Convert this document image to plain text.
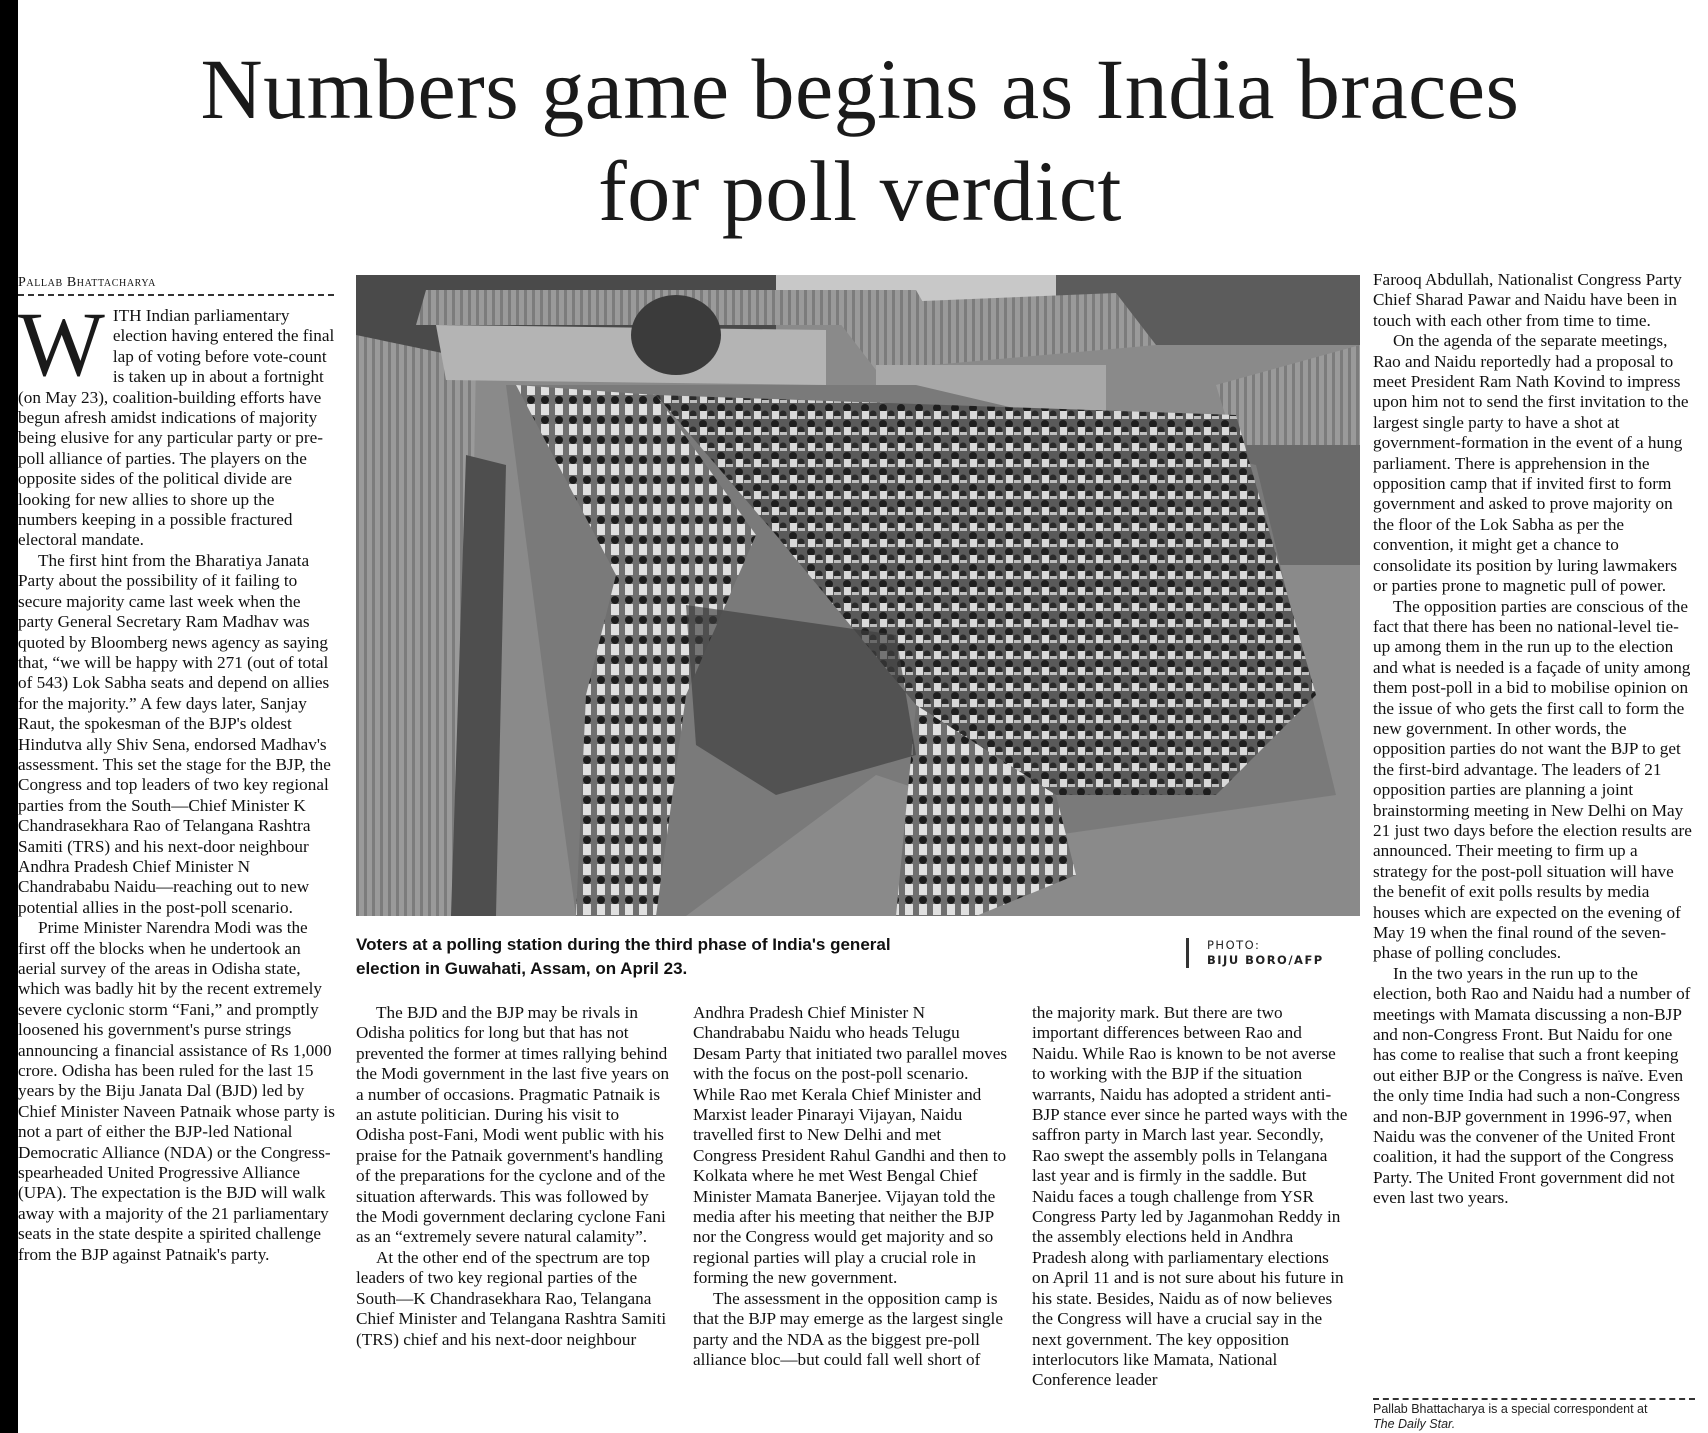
Numbers game begins as India braces for poll verdict
Pallab Bhattacharya

WITH Indian parliamentary election having entered the final lap of voting before vote-count is taken up in about a fortnight (on May 23), coalition-building efforts have begun afresh amidst indications of majority being elusive for any particular party or pre-poll alliance of parties. The players on the opposite sides of the political divide are looking for new allies to shore up the numbers keeping in a possible fractured electoral mandate.

The first hint from the Bharatiya Janata Party about the possibility of it failing to secure majority came last week when the party General Secretary Ram Madhav was quoted by Bloomberg news agency as saying that, “we will be happy with 271 (out of total of 543) Lok Sabha seats and depend on allies for the majority.” A few days later, Sanjay Raut, the spokesman of the BJP's oldest Hindutva ally Shiv Sena, endorsed Madhav's assessment. This set the stage for the BJP, the Congress and top leaders of two key regional parties from the South—Chief Minister K Chandrasekhara Rao of Telangana Rashtra Samiti (TRS) and his next-door neighbour Andhra Pradesh Chief Minister N Chandrababu Naidu—reaching out to new potential allies in the post-poll scenario.

Prime Minister Narendra Modi was the first off the blocks when he undertook an aerial survey of the areas in Odisha state, which was badly hit by the recent extremely severe cyclonic storm “Fani,” and promptly loosened his government's purse strings announcing a financial assistance of Rs 1,000 crore. Odisha has been ruled for the last 15 years by the Biju Janata Dal (BJD) led by Chief Minister Naveen Patnaik whose party is not a part of either the BJP-led National Democratic Alliance (NDA) or the Congress-spearheaded United Progressive Alliance (UPA). The expectation is the BJD will walk away with a majority of the 21 parliamentary seats in the state despite a spirited challenge from the BJP against Patnaik's party.

Voters at a polling station during the third phase of India's general election in Guwahati, Assam, on April 23.
PHOTO:
BIJU BORO/AFP

The BJD and the BJP may be rivals in Odisha politics for long but that has not prevented the former at times rallying behind the Modi government in the last five years on a number of occasions. Pragmatic Patnaik is an astute politician. During his visit to Odisha post-Fani, Modi went public with his praise for the Patnaik government's handling of the preparations for the cyclone and of the situation afterwards. This was followed by the Modi government declaring cyclone Fani as an “extremely severe natural calamity”.

At the other end of the spectrum are top leaders of two key regional parties of the South—K Chandrasekhara Rao, Telangana Chief Minister and Telangana Rashtra Samiti (TRS) chief and his next-door neighbour

Andhra Pradesh Chief Minister N Chandrababu Naidu who heads Telugu Desam Party that initiated two parallel moves with the focus on the post-poll scenario. While Rao met Kerala Chief Minister and Marxist leader Pinarayi Vijayan, Naidu travelled first to New Delhi and met Congress President Rahul Gandhi and then to Kolkata where he met West Bengal Chief Minister Mamata Banerjee. Vijayan told the media after his meeting that neither the BJP nor the Congress would get majority and so regional parties will play a crucial role in forming the new government.

The assessment in the opposition camp is that the BJP may emerge as the largest single party and the NDA as the biggest pre-poll alliance bloc—but could fall well short of

the majority mark. But there are two important differences between Rao and Naidu. While Rao is known to be not averse to working with the BJP if the situation warrants, Naidu has adopted a strident anti-BJP stance ever since he parted ways with the saffron party in March last year. Secondly, Rao swept the assembly polls in Telangana last year and is firmly in the saddle. But Naidu faces a tough challenge from YSR Congress Party led by Jaganmohan Reddy in the assembly elections held in Andhra Pradesh along with parliamentary elections on April 11 and is not sure about his future in his state. Besides, Naidu as of now believes the Congress will have a crucial say in the next government. The key opposition interlocutors like Mamata, National Conference leader

Farooq Abdullah, Nationalist Congress Party Chief Sharad Pawar and Naidu have been in touch with each other from time to time.

On the agenda of the separate meetings, Rao and Naidu reportedly had a proposal to meet President Ram Nath Kovind to impress upon him not to send the first invitation to the largest single party to have a shot at government-formation in the event of a hung parliament. There is apprehension in the opposition camp that if invited first to form government and asked to prove majority on the floor of the Lok Sabha as per the convention, it might get a chance to consolidate its position by luring lawmakers or parties prone to magnetic pull of power.

The opposition parties are conscious of the fact that there has been no national-level tie-up among them in the run up to the election and what is needed is a façade of unity among them post-poll in a bid to mobilise opinion on the issue of who gets the first call to form the new government. In other words, the opposition parties do not want the BJP to get the first-bird advantage. The leaders of 21 opposition parties are planning a joint brainstorming meeting in New Delhi on May 21 just two days before the election results are announced. Their meeting to firm up a strategy for the post-poll situation will have the benefit of exit polls results by media houses which are expected on the evening of May 19 when the final round of the seven-phase of polling concludes.

In the two years in the run up to the election, both Rao and Naidu had a number of meetings with Mamata discussing a non-BJP and non-Congress Front. But Naidu for one has come to realise that such a front keeping out either BJP or the Congress is naïve. Even the only time India had such a non-Congress and non-BJP government in 1996-97, when Naidu was the convener of the United Front coalition, it had the support of the Congress Party. The United Front government did not even last two years.

Pallab Bhattacharya is a special correspondent at
The Daily Star.
